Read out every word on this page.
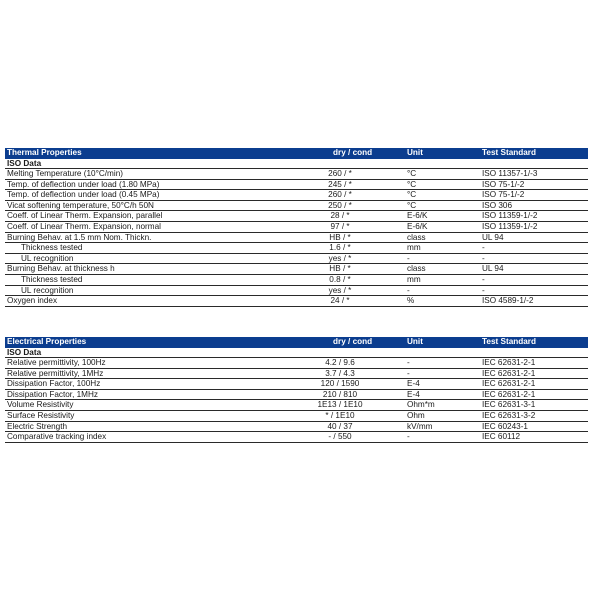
Thermal Properties	dry / cond	Unit	Test Standard
ISO Data
Melting Temperature (10°C/min)	260 / *	°C	ISO 11357-1/-3
Temp. of deflection under load (1.80 MPa)	245 / *	°C	ISO 75-1/-2
Temp. of deflection under load (0.45 MPa)	260 / *	°C	ISO 75-1/-2
Vicat softening temperature, 50°C/h 50N	250 / *	°C	ISO 306
Coeff. of Linear Therm. Expansion, parallel	28 / *	E-6/K	ISO 11359-1/-2
Coeff. of Linear Therm. Expansion, normal	97 / *	E-6/K	ISO 11359-1/-2
Burning Behav. at 1.5 mm Nom. Thickn.	HB / *	class	UL 94
Thickness tested	1.6 / *	mm	-
UL recognition	yes / *	-	-
Burning Behav. at thickness h	HB / *	class	UL 94
Thickness tested	0.8 / *	mm	-
UL recognition	yes / *	-	-
Oxygen index	24 / *	%	ISO 4589-1/-2
Electrical Properties	dry / cond	Unit	Test Standard
ISO Data
Relative permittivity, 100Hz	4.2 / 9.6	-	IEC 62631-2-1
Relative permittivity, 1MHz	3.7 / 4.3	-	IEC 62631-2-1
Dissipation Factor, 100Hz	120 / 1590	E-4	IEC 62631-2-1
Dissipation Factor, 1MHz	210 / 810	E-4	IEC 62631-2-1
Volume Resistivity	1E13 / 1E10	Ohm*m	IEC 62631-3-1
Surface Resistivity	* / 1E10	Ohm	IEC 62631-3-2
Electric Strength	40 / 37	kV/mm	IEC 60243-1
Comparative tracking index	- / 550	-	IEC 60112
